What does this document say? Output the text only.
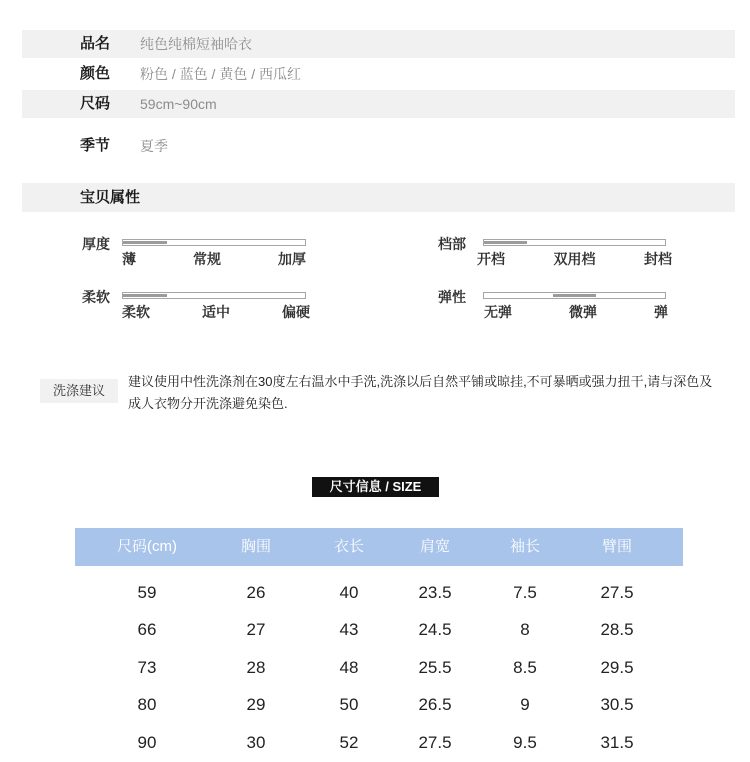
品名 纯色纯棉短袖哈衣
颜色 粉色 / 蓝色 / 黄色 / 西瓜红
尺码 59cm~90cm
季节 夏季
宝贝属性
厚度
薄	常规	加厚
档部
开档	双用档	封档
柔软
柔软	适中	偏硬
弹性
无弹	微弹	弹
洗涤建议
建议使用中性洗涤剂在30度左右温水中手洗,洗涤以后自然平铺或晾挂,不可暴晒或强力扭干,请与深色及
成人衣物分开洗涤避免染色.
尺寸信息 / SIZE
尺码(cm)	胸围	衣长	肩宽	袖长	臂围
59	26	40	23.5	7.5	27.5
66	27	43	24.5	8	28.5
73	28	48	25.5	8.5	29.5
80	29	50	26.5	9	30.5
90	30	52	27.5	9.5	31.5
